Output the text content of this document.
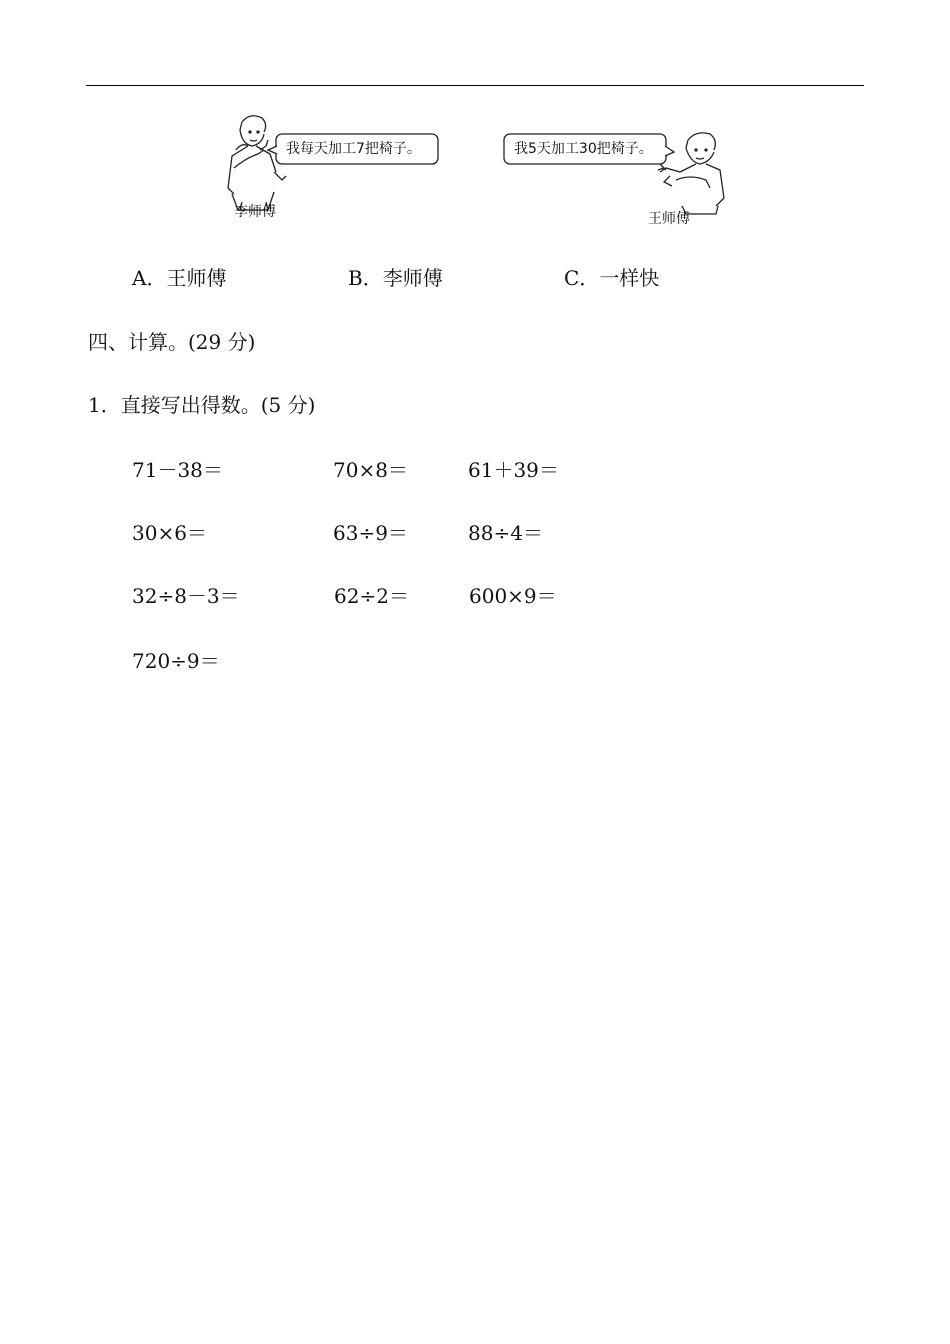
我每天加工7把椅子。	我5天加工30把椅子。
李师傅	王师傅
A．王师傅	B．李师傅	C．一样快
四、计算。(29 分)
1．直接写出得数。(5 分)
71－38＝	70×8＝	61＋39＝
30×6＝	63÷9＝	88÷4＝
32÷8－3＝	62÷2＝	600×9＝
720÷9＝
